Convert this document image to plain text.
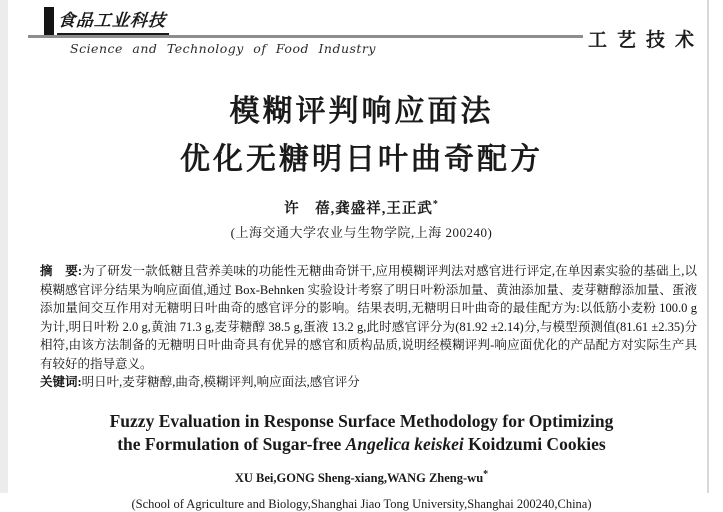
食品工业科技
Science and Technology of Food Industry	工艺技术
模糊评判响应面法
优化无糖明日叶曲奇配方
许　蓓,龚盛祥,王正武*
(上海交通大学农业与生物学院,上海 200240)

摘　要:为了研发一款低糖且营养美味的功能性无糖曲奇饼干,应用模糊评判法对感官进行评定,在单因素实验的基础上,以模糊感官评分结果为响应面值,通过 Box-Behnken 实验设计考察了明日叶粉添加量、黄油添加量、麦芽糖醇添加量、蛋液添加量间交互作用对无糖明日叶曲奇的感官评分的影响。结果表明,无糖明日叶曲奇的最佳配方为:以低筋小麦粉 100.0 g 为计,明日叶粉 2.0 g,黄油 71.3 g,麦芽糖醇 38.5 g,蛋液 13.2 g,此时感官评分为(81.92 ±2.14)分,与模型预测值(81.61 ±2.35)分相符,由该方法制备的无糖明日叶曲奇具有优异的感官和质构品质,说明经模糊评判-响应面优化的产品配方对实际生产具有较好的指导意义。

关键词:明日叶,麦芽糖醇,曲奇,模糊评判,响应面法,感官评分

Fuzzy Evaluation in Response Surface Methodology for Optimizing
the Formulation of Sugar-free Angelica keiskei Koidzumi Cookies
XU Bei,GONG Sheng-xiang,WANG Zheng-wu*
(School of Agriculture and Biology,Shanghai Jiao Tong University,Shanghai 200240,China)
